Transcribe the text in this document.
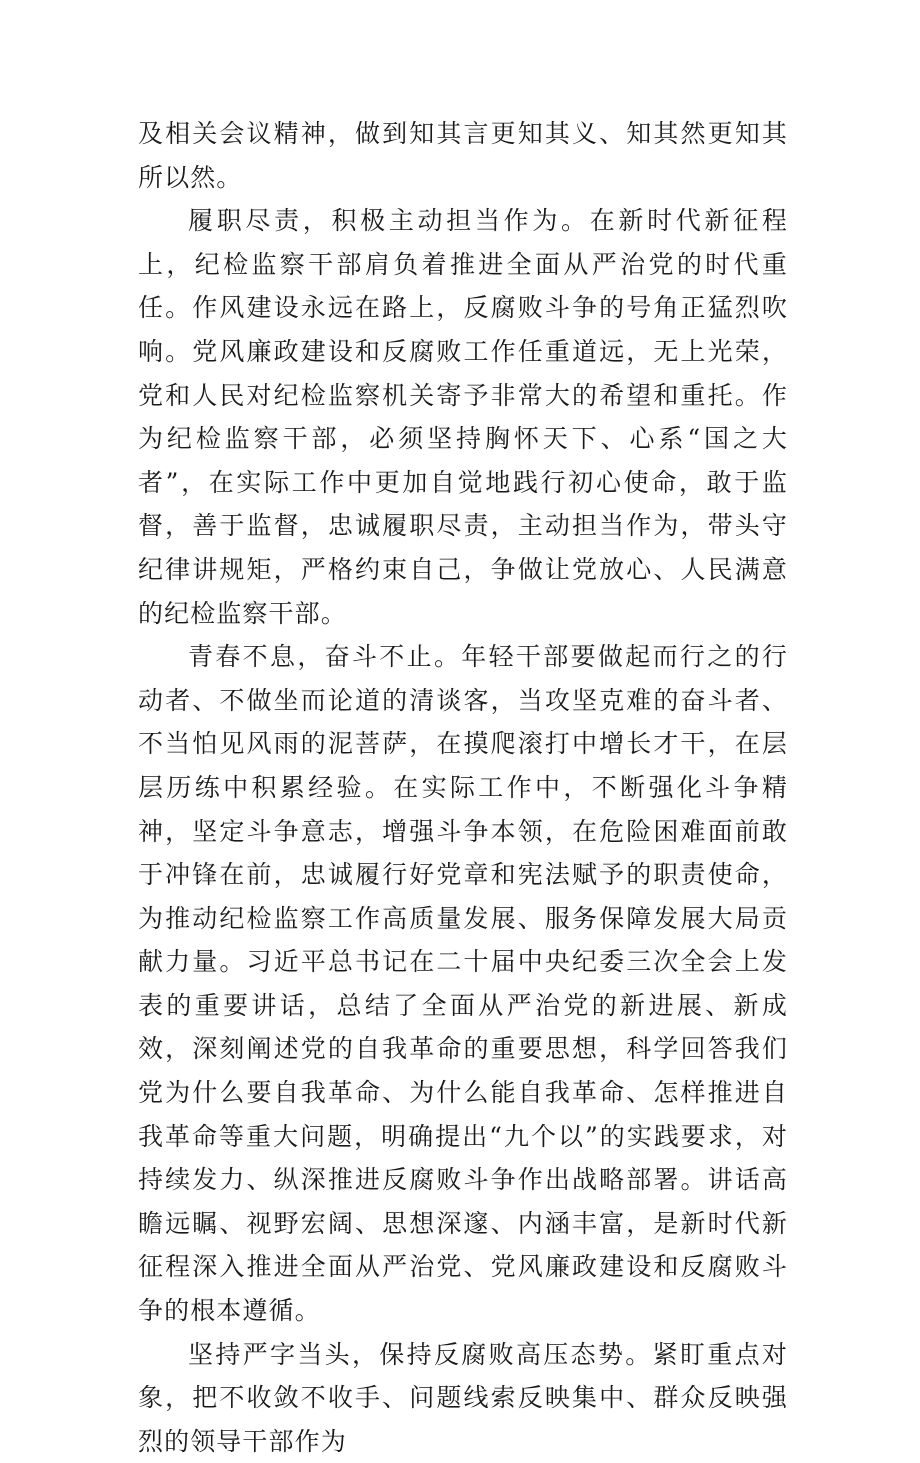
及相关会议精神，做到知其言更知其义、知其然更知其所以然。

履职尽责，积极主动担当作为。在新时代新征程上，纪检监察干部肩负着推进全面从严治党的时代重任。作风建设永远在路上，反腐败斗争的号角正猛烈吹响。党风廉政建设和反腐败工作任重道远，无上光荣，党和人民对纪检监察机关寄予非常大的希望和重托。作为纪检监察干部，必须坚持胸怀天下、心系“国之大者”，在实际工作中更加自觉地践行初心使命，敢于监督，善于监督，忠诚履职尽责，主动担当作为，带头守纪律讲规矩，严格约束自己，争做让党放心、人民满意的纪检监察干部。

青春不息，奋斗不止。年轻干部要做起而行之的行动者、不做坐而论道的清谈客，当攻坚克难的奋斗者、不当怕见风雨的泥菩萨，在摸爬滚打中增长才干，在层层历练中积累经验。在实际工作中，不断强化斗争精神，坚定斗争意志，增强斗争本领，在危险困难面前敢于冲锋在前，忠诚履行好党章和宪法赋予的职责使命，为推动纪检监察工作高质量发展、服务保障发展大局贡献力量。习近平总书记在二十届中央纪委三次全会上发表的重要讲话，总结了全面从严治党的新进展、新成效，深刻阐述党的自我革命的重要思想，科学回答我们党为什么要自我革命、为什么能自我革命、怎样推进自我革命等重大问题，明确提出“九个以”的实践要求，对持续发力、纵深推进反腐败斗争作出战略部署。讲话高瞻远瞩、视野宏阔、思想深邃、内涵丰富，是新时代新征程深入推进全面从严治党、党风廉政建设和反腐败斗争的根本遵循。

坚持严字当头，保持反腐败高压态势。紧盯重点对象，把不收敛不收手、问题线索反映集中、群众反映强烈的领导干部作为
